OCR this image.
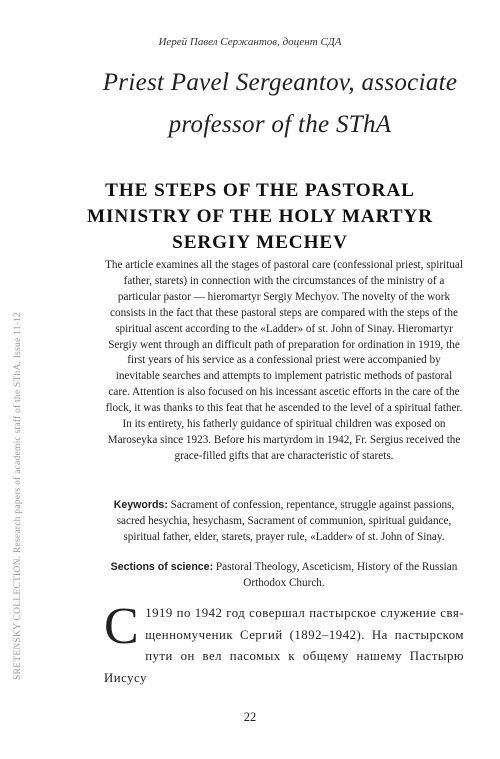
SRETENSKY COLLECTION. Research papers of academic staff of the SThA. Issue 11-12
Иерей Павел Сержантов, доцент СДА
Priest Pavel Sergeantov, associate
professor of the SThA
THE STEPS OF THE PASTORAL
MINISTRY OF THE HOLY MARTYR
SERGIY MECHEV

The article examines all the stages of pastoral care (confessional priest, spiritual father, starets) in connection with the circumstances of the ministry of a particular pastor — hieromartyr Sergiy Mechyov. The novelty of the work consists in the fact that these pastoral steps are compared with the steps of the spiritual ascent according to the «Ladder» of st. John of Sinay. Hieromartyr Sergiy went through an difficult path of preparation for ordination in 1919, the first years of his service as a confessional priest were accompanied by inevitable searches and attempts to implement patristic methods of pastoral care. Attention is also focused on his incessant ascetic efforts in the care of the flock, it was thanks to this feat that he ascended to the level of a spiritual father. In its entirety, his fatherly guidance of spiritual children was exposed on Maroseyka since 1923. Before his martyrdom in 1942, Fr. Sergius received the grace-filled gifts that are characteristic of starets.

Keywords: Sacrament of confession, repentance, struggle against passions, sacred hesychia, hesychasm, Sacrament of communion, spiritual guidance, spiritual father, elder, starets, prayer rule, «Ladder» of st. John of Sinay.

Sections of science: Pastoral Theology, Asceticism, History of the Russian Orthodox Church.

С 1919 по 1942 год совершал пастырское служение свя-щенномученик Сергий (1892–1942). На пастырском пути он вел пасомых к общему нашему Пастырю Иисусу

22
